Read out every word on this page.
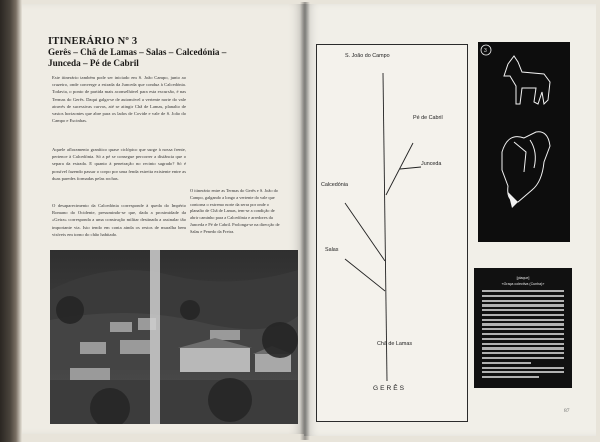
ITINERÁRIO Nº 3
Gerês – Chã de Lamas – Salas – Calcedónia – Junceda – Pé de Cabril
Este itinerário também pode ser iniciado em S. João Campo, junto ao cruzeiro, onde converge a estrada da Junceda que conduz à Calcedónia. Todavia, o ponto de partida mais aconselhável para esta excursão, é nas Termas do Gerês. Daqui galga-se de automóvel a vertente norte do vale através de sucessivas curvas, até se atingir Chã de Lamas, planalto de vastos horizontes que abre para os lados de Covide e vale de S. João do Campo e Escinhas.
Aquele afloramento granítico quase ciclópico que surge à nossa frente, pertence à Calcedónia. Só a pé se consegue percorrer a distância que o separa da estrada. E quanto à penetração no recinto sagrado? Só é possível fazendo passar o corpo por uma fenda estreita existente entre as duas paredes formadas pelas rochas.
O desaparecimento da Calcedónia corresponde à queda do Império Romano do Ocidente, presumindo-se que, dada a proximidade da «Geira» corresponda a uma construção militar destinada a assinalar tão importante via. Isto tendo em conta ainda os restos de muralha bem visíveis em torno do chão habitado.
O itinerário entre as Termas do Gerês e S. João do Campo, galgando a longo a vertente do vale que contorna o extremo norte da serra por onde o planalto de Chã de Lamas, tem-se a condição de abrir caminho para a Calcedónia e arredores da Junceda e Pé de Cabril. Prolonga-se na direcção de Salas e Penedo da Freira.
S. João do Campo
Pé de Cabril
Junceda
Calcedónia
Salas
Chã de Lamas
GERÊS
3
[plaque]
«Graça colectiva (Cunha)»
87
